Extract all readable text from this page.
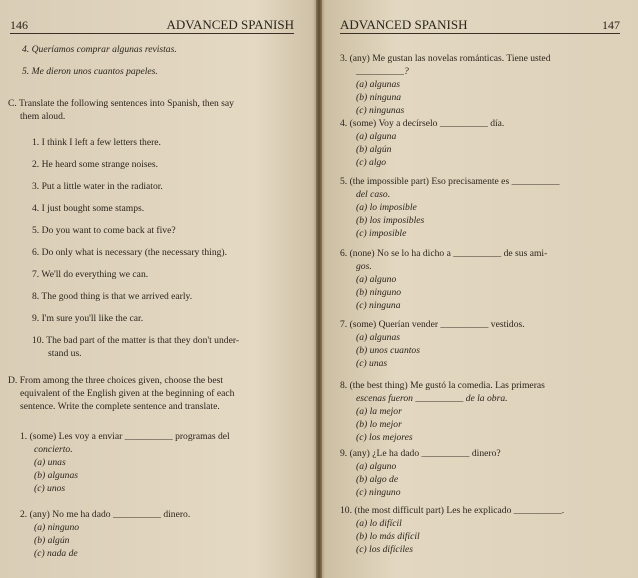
146	ADVANCED SPANISH	ADVANCED SPANISH	147
4. Queríamos comprar algunas revistas.
5. Me dieron unos cuantos papeles.
C. Translate the following sentences into Spanish, then say
them aloud.
1. I think I left a few letters there.
2. He heard some strange noises.
3. Put a little water in the radiator.
4. I just bought some stamps.
5. Do you want to come back at five?
6. Do only what is necessary (the necessary thing).
7. We'll do everything we can.
8. The good thing is that we arrived early.
9. I'm sure you'll like the car.
10. The bad part of the matter is that they don't under-
stand us.
D. From among the three choices given, choose the best
equivalent of the English given at the beginning of each
sentence. Write the complete sentence and translate.
1. (some) Les voy a enviar __________ programas del
concierto.
(a) unas
(b) algunas
(c) unos
2. (any) No me ha dado __________ dinero.
(a) ninguno
(b) algún
(c) nada de
3. (any) Me gustan las novelas románticas. Tiene usted
__________?
(a) algunas
(b) ninguna
(c) ningunas
4. (some) Voy a decírselo __________ día.
(a) alguna
(b) algún
(c) algo
5. (the impossible part) Eso precisamente es __________
del caso.
(a) lo imposible
(b) los imposibles
(c) imposible
6. (none) No se lo ha dicho a __________ de sus ami-
gos.
(a) alguno
(b) ninguno
(c) ninguna
7. (some) Querían vender __________ vestidos.
(a) algunas
(b) unos cuantos
(c) unas
8. (the best thing) Me gustó la comedia. Las primeras
escenas fueron __________ de la obra.
(a) la mejor
(b) lo mejor
(c) los mejores
9. (any) ¿Le ha dado __________ dinero?
(a) alguno
(b) algo de
(c) ninguno
10. (the most difficult part) Les he explicado __________.
(a) lo difícil
(b) lo más difícil
(c) los difíciles
